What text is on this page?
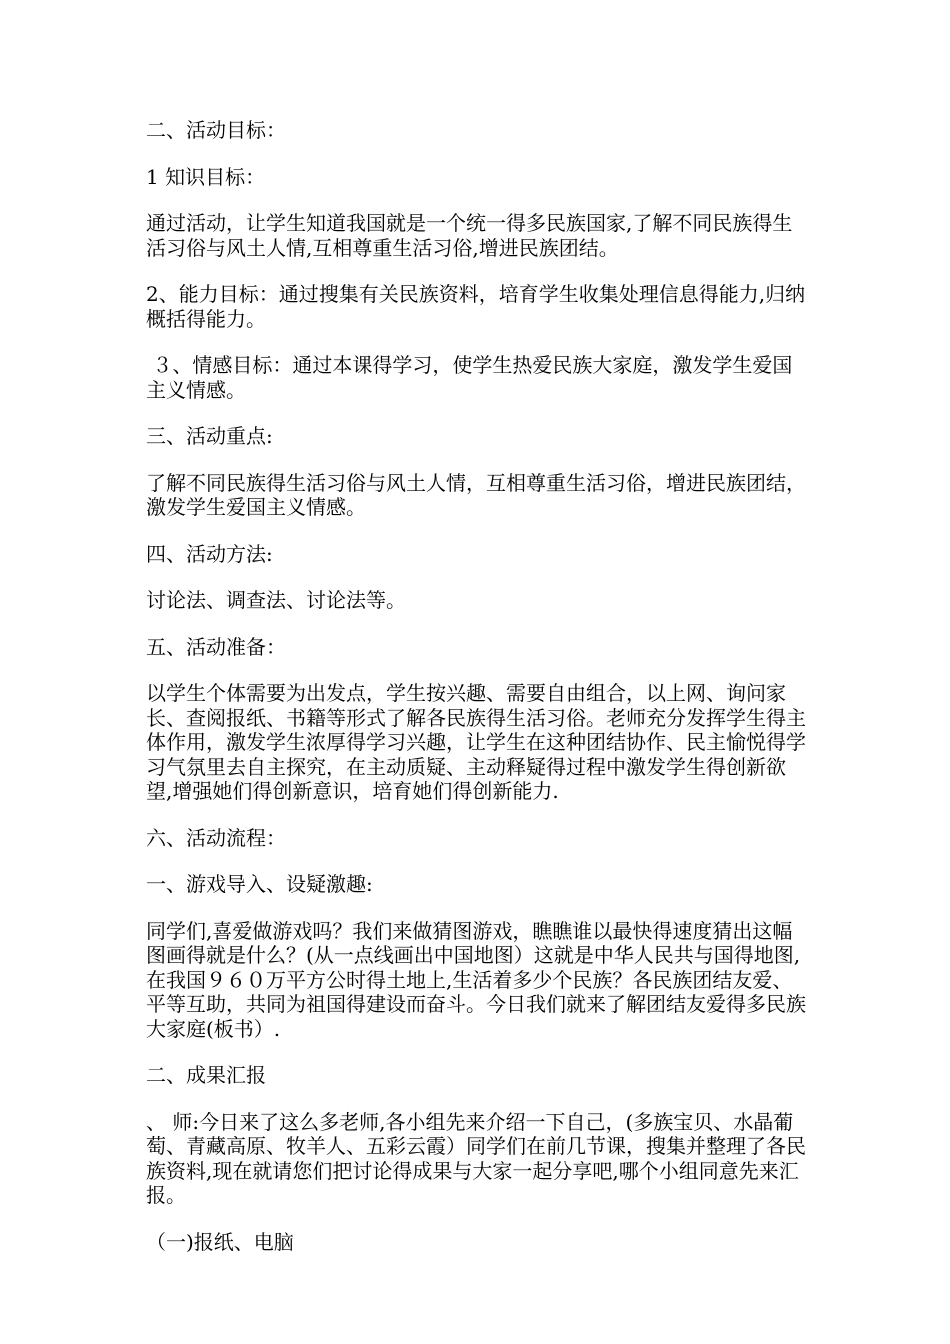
二、活动目标：

1 知识目标：

通过活动，让学生知道我国就是一个统一得多民族国家,了解不同民族得生活习俗与风土人情,互相尊重生活习俗,增进民族团结。

2、能力目标：通过搜集有关民族资料，培育学生收集处理信息得能力,归纳概括得能力。

３、情感目标：通过本课得学习，使学生热爱民族大家庭，激发学生爱国主义情感。

三、活动重点:

了解不同民族得生活习俗与风土人情，互相尊重生活习俗，增进民族团结，激发学生爱国主义情感。

四、活动方法:

讨论法、调查法、讨论法等。

五、活动准备：

以学生个体需要为出发点，学生按兴趣、需要自由组合，以上网、询问家长、查阅报纸、书籍等形式了解各民族得生活习俗。老师充分发挥学生得主体作用，激发学生浓厚得学习兴趣，让学生在这种团结协作、民主愉悦得学习气氛里去自主探究，在主动质疑、主动释疑得过程中激发学生得创新欲望,增强她们得创新意识，培育她们得创新能力.

六、活动流程：

一、游戏导入、设疑激趣:

同学们,喜爱做游戏吗？我们来做猜图游戏，瞧瞧谁以最快得速度猜出这幅图画得就是什么？(从一点线画出中国地图）这就是中华人民共与国得地图,在我国９６０万平方公时得土地上,生活着多少个民族？各民族团结友爱、平等互助，共同为祖国得建设而奋斗。今日我们就来了解团结友爱得多民族大家庭(板书）.

二、成果汇报

、 师:今日来了这么多老师,各小组先来介绍一下自己，(多族宝贝、水晶葡萄、青藏高原、牧羊人、五彩云霞）同学们在前几节课，搜集并整理了各民族资料,现在就请您们把讨论得成果与大家一起分享吧,哪个小组同意先来汇报。

（一)报纸、电脑
